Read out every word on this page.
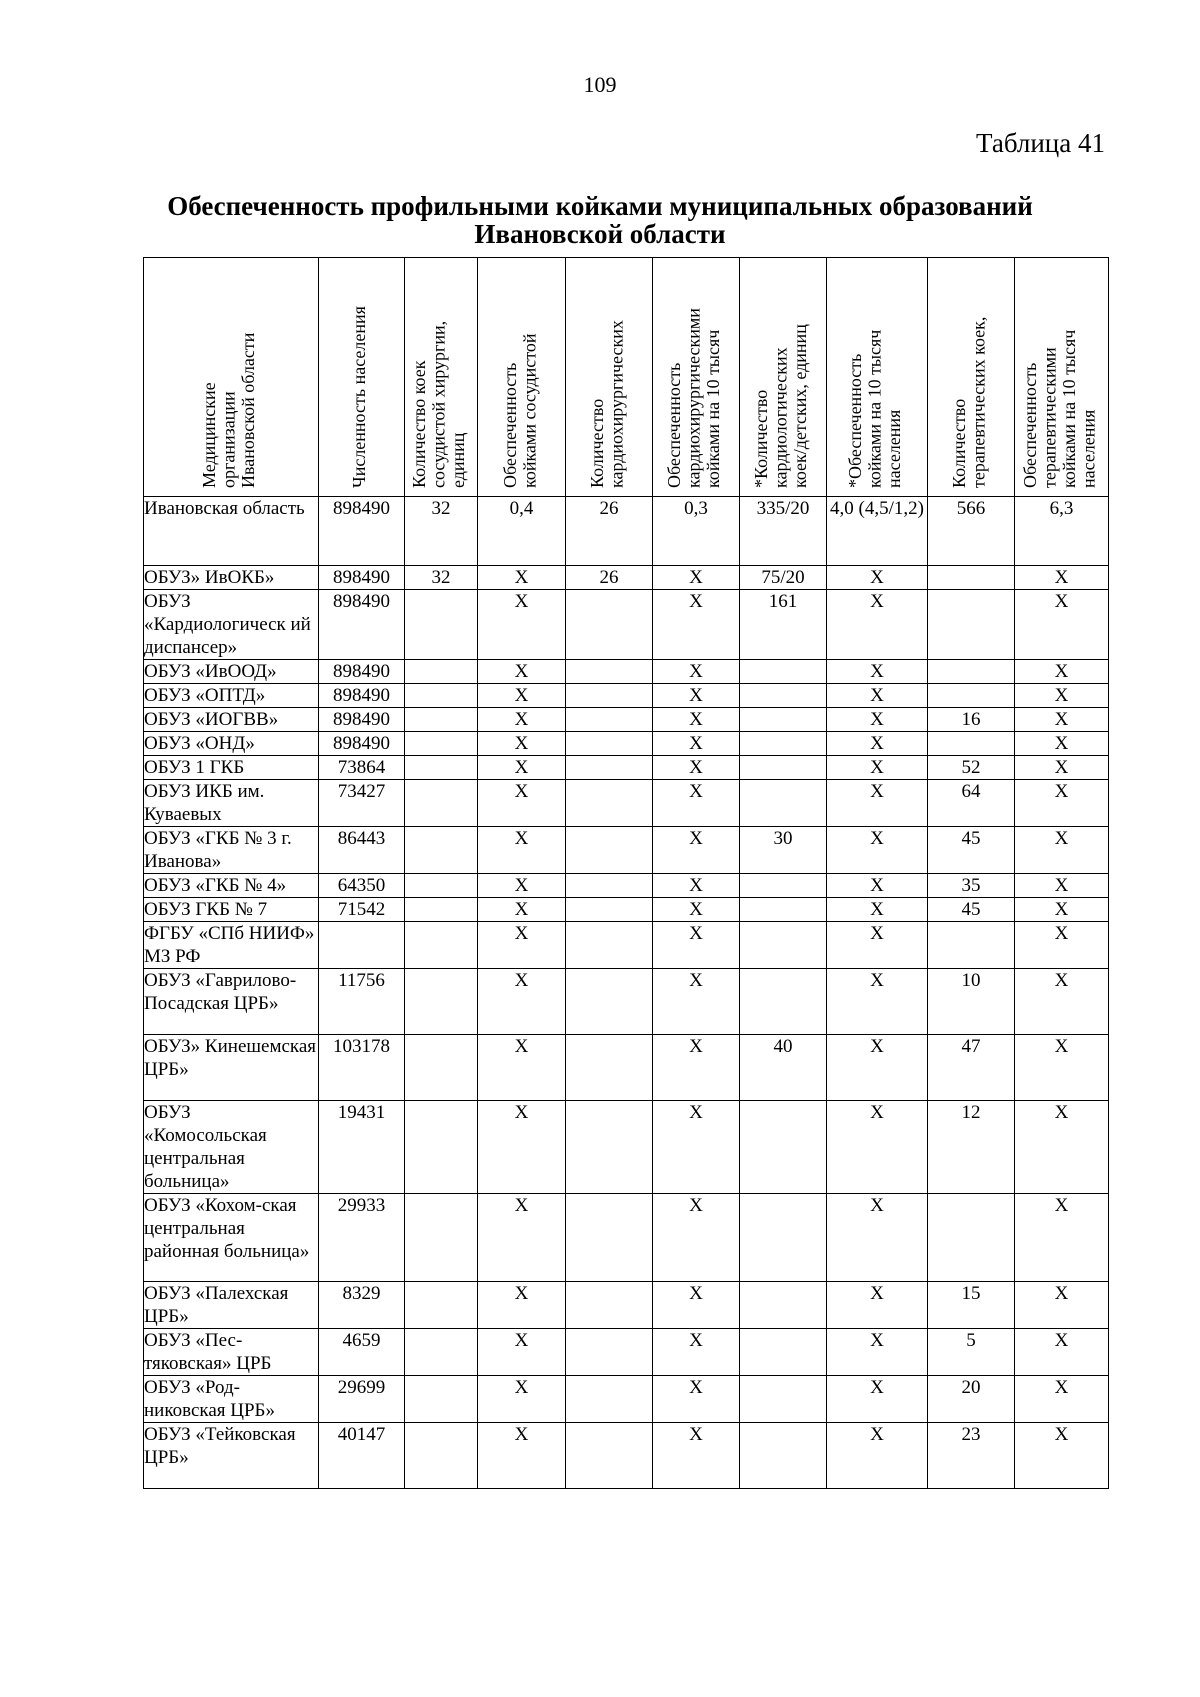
109
Таблица 41
Обеспеченность профильными койками муниципальных образований
Ивановской области
Медицинские
организации
Ивановской области	Численность населения	Количество коек
сосудистой хирургии,
единиц	Обеспеченность
койками сосудистой	Количество
кардиохирургических	Обеспеченность
кардиохирургическими
койками на 10 тысяч	*Количество
кардиологических
коек/детских, единиц	*Обеспеченность
койками на 10 тысяч
населения	Количество
терапевтических коек,	Обеспеченность
терапевтическими
койками на 10 тысяч
населения
Ивановская область	898490	32	0,4	26	0,3	335/20	4,0 (4,5/1,2)	566	6,3
ОБУЗ» ИвОКБ»	898490	32	Х	26	Х	75/20	Х		Х
ОБУЗ «Кардиологическ ий диспансер»	898490		Х		Х	161	Х		Х
ОБУЗ «ИвООД»	898490		Х		Х		Х		Х
ОБУЗ «ОПТД»	898490		Х		Х		Х		Х
ОБУЗ «ИОГВВ»	898490		Х		Х		Х	16	Х
ОБУЗ «ОНД»	898490		Х		Х		Х		Х
ОБУЗ 1 ГКБ	73864		Х		Х		Х	52	Х
ОБУЗ ИКБ им. Куваевых	73427		Х		Х		Х	64	Х
ОБУЗ «ГКБ № 3 г. Иванова»	86443		Х		Х	30	Х	45	Х
ОБУЗ «ГКБ № 4»	64350		Х		Х		Х	35	Х
ОБУЗ ГКБ № 7	71542		Х		Х		Х	45	Х
ФГБУ «СПб НИИФ» МЗ РФ			Х		Х		Х		Х
ОБУЗ «Гаврилово-Посадская ЦРБ»	11756		Х		Х		Х	10	Х
ОБУЗ» Кинешемская ЦРБ»	103178		Х		Х	40	Х	47	Х
ОБУЗ «Комосольская центральная больница»	19431		Х		Х		Х	12	Х
ОБУЗ «Кохом-ская центральная районная больница»	29933		Х		Х		Х		Х
ОБУЗ «Палехская ЦРБ»	8329		Х		Х		Х	15	Х
ОБУЗ «Пес-тяковская» ЦРБ	4659		Х		Х		Х	5	Х
ОБУЗ «Род-никовская ЦРБ»	29699		Х		Х		Х	20	Х
ОБУЗ «Тейковская ЦРБ»	40147		Х		Х		Х	23	Х
